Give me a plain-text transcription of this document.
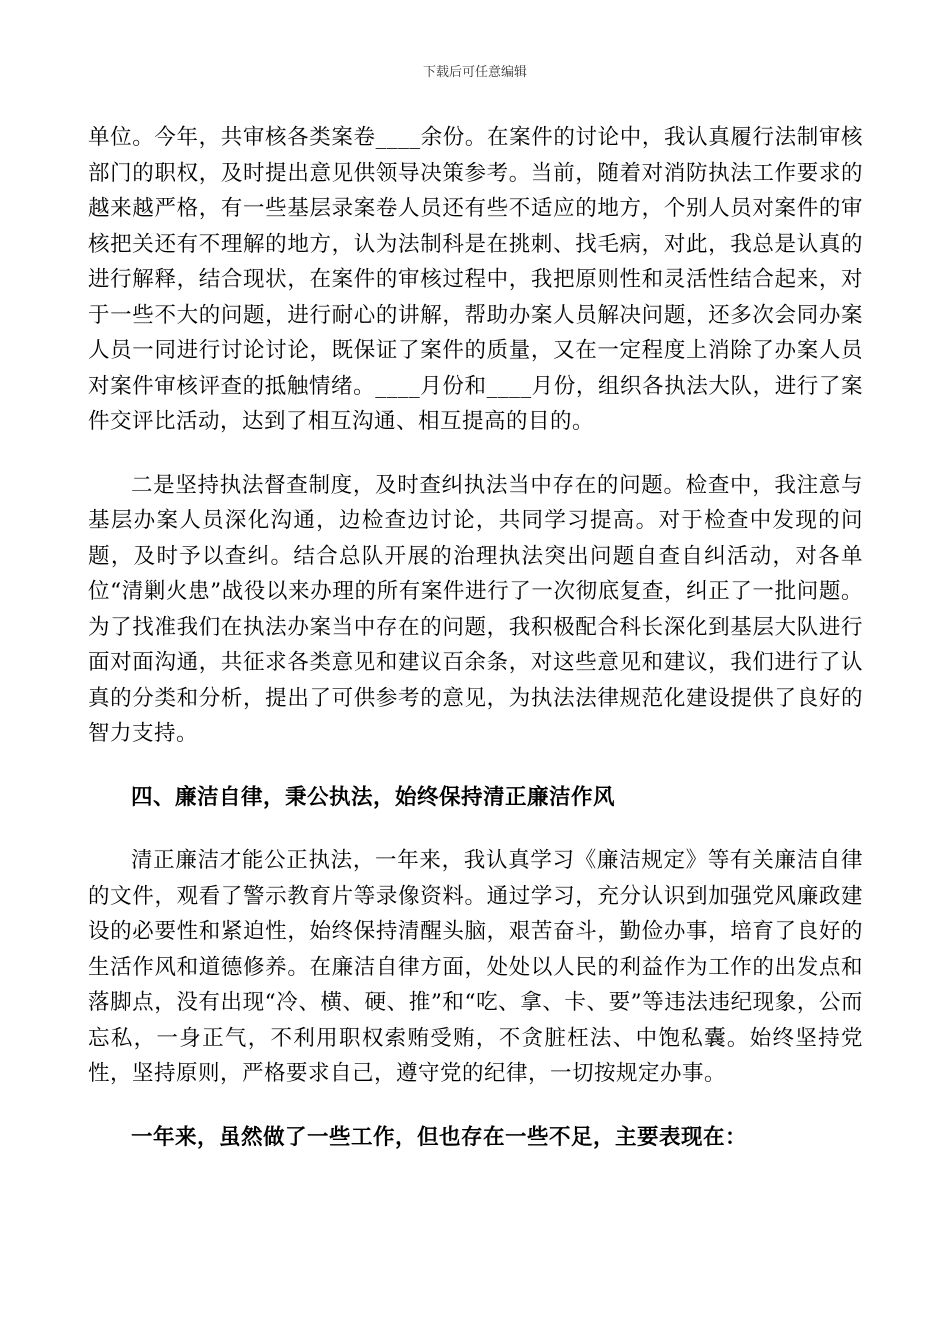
下载后可任意编辑

单位。今年，共审核各类案卷____余份。在案件的讨论中，我认真履行法制审核部门的职权，及时提出意见供领导决策参考。当前，随着对消防执法工作要求的越来越严格，有一些基层录案卷人员还有些不适应的地方，个别人员对案件的审核把关还有不理解的地方，认为法制科是在挑刺、找毛病，对此，我总是认真的进行解释，结合现状，在案件的审核过程中，我把原则性和灵活性结合起来，对于一些不大的问题，进行耐心的讲解，帮助办案人员解决问题，还多次会同办案人员一同进行讨论讨论，既保证了案件的质量，又在一定程度上消除了办案人员对案件审核评查的抵触情绪。____月份和____月份，组织各执法大队，进行了案件交评比活动，达到了相互沟通、相互提高的目的。

二是坚持执法督查制度，及时查纠执法当中存在的问题。检查中，我注意与基层办案人员深化沟通，边检查边讨论，共同学习提高。对于检查中发现的问题，及时予以查纠。结合总队开展的治理执法突出问题自查自纠活动，对各单位“清剿火患”战役以来办理的所有案件进行了一次彻底复查，纠正了一批问题。为了找准我们在执法办案当中存在的问题，我积极配合科长深化到基层大队进行面对面沟通，共征求各类意见和建议百余条，对这些意见和建议，我们进行了认真的分类和分析，提出了可供参考的意见，为执法法律规范化建设提供了良好的智力支持。

四、廉洁自律，秉公执法，始终保持清正廉洁作风

清正廉洁才能公正执法，一年来，我认真学习《廉洁规定》等有关廉洁自律的文件，观看了警示教育片等录像资料。通过学习，充分认识到加强党风廉政建设的必要性和紧迫性，始终保持清醒头脑，艰苦奋斗，勤俭办事，培育了良好的生活作风和道德修养。在廉洁自律方面，处处以人民的利益作为工作的出发点和落脚点，没有出现“冷、横、硬、推”和“吃、拿、卡、要”等违法违纪现象，公而忘私，一身正气，不利用职权索贿受贿，不贪脏枉法、中饱私囊。始终坚持党性，坚持原则，严格要求自己，遵守党的纪律，一切按规定办事。

一年来，虽然做了一些工作，但也存在一些不足，主要表现在：
